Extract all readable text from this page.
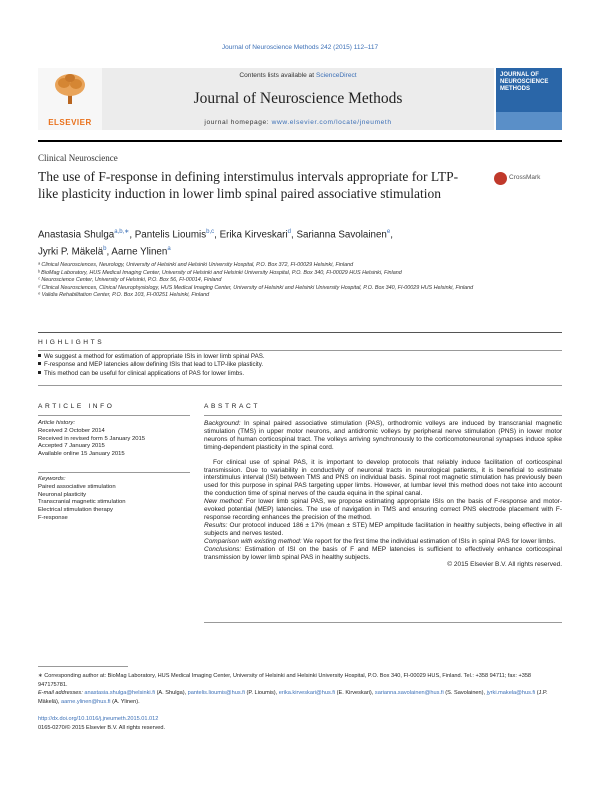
Journal of Neuroscience Methods 242 (2015) 112–117
ELSEVIER
Contents lists available at ScienceDirect
Journal of Neuroscience Methods
journal homepage: www.elsevier.com/locate/jneumeth
JOURNAL OF NEUROSCIENCE METHODS
Clinical Neuroscience
The use of F-response in defining interstimulus intervals appropriate for LTP-like plasticity induction in lower limb spinal paired associative stimulation
CrossMark
Anastasia Shulga$^{a,b,∗}$, Pantelis Lioumis$^{b,c}$, Erika Kirveskari$^d$, Sarianna Savolainen$^e$,
Jyrki P. Mäkelä$^b$, Aarne Ylinen$^a$
ᵃ Clinical Neurosciences, Neurology, University of Helsinki and Helsinki University Hospital, P.O. Box 372, FI-00029 Helsinki, Finland
ᵇ BioMag Laboratory, HUS Medical Imaging Center, University of Helsinki and Helsinki University Hospital, P.O. Box 340, FI-00029 HUS Helsinki, Finland
ᶜ Neuroscience Center, University of Helsinki, P.O. Box 56, FI-00014, Finland
ᵈ Clinical Neurosciences, Clinical Neurophysiology, HUS Medical Imaging Center, University of Helsinki and Helsinki University Hospital, P.O. Box 340, FI-00029 HUS Helsinki, Finland
ᵉ Validia Rehabilitation Center, P.O. Box 103, FI-00251 Helsinki, Finland
HIGHLIGHTS
We suggest a method for estimation of appropriate ISIs in lower limb spinal PAS.
F-response and MEP latencies allow defining ISIs that lead to LTP-like plasticity.
This method can be useful for clinical applications of PAS for lower limbs.
ARTICLE INFO
Article history:
Received 2 October 2014
Received in revised form 5 January 2015
Accepted 7 January 2015
Available online 15 January 2015
Keywords:
Paired associative stimulation
Neuronal plasticity
Transcranial magnetic stimulation
Electrical stimulation therapy
F-response
ABSTRACT

Background: In spinal paired associative stimulation (PAS), orthodromic volleys are induced by transcranial magnetic stimulation (TMS) in upper motor neurons, and antidromic volleys by peripheral nerve stimulation (PNS) in lower motor neurons of human corticospinal tract. The volleys arriving synchronously to the corticomotoneuronal synapses induce spike timing-dependent plasticity in the spinal cord.

For clinical use of spinal PAS, it is important to develop protocols that reliably induce facilitation of corticospinal transmission. Due to variability in conductivity of neuronal tracts in neurological patients, it is beneficial to estimate interstimulus interval (ISI) between TMS and PNS on individual basis. Spinal root magnetic stimulation has previously been used for this purpose in spinal PAS targeting upper limbs. However, at lumbar level this method does not take into account the conduction time of spinal nerves of the cauda equina in the spinal canal.

New method: For lower limb spinal PAS, we propose estimating appropriate ISIs on the basis of F-response and motor-evoked potential (MEP) latencies. The use of navigation in TMS and ensuring correct PNS electrode placement with F-response recording enhances the precision of the method.

Results: Our protocol induced 186 ± 17% (mean ± STE) MEP amplitude facilitation in healthy subjects, being effective in all subjects and nerves tested.

Comparison with existing method: We report for the first time the individual estimation of ISIs in spinal PAS for lower limbs.

Conclusions: Estimation of ISI on the basis of F and MEP latencies is sufficient to effectively enhance corticospinal transmission by lower limb spinal PAS in healthy subjects.

© 2015 Elsevier B.V. All rights reserved.

∗ Corresponding author at: BioMag Laboratory, HUS Medical Imaging Center, University of Helsinki and Helsinki University Hospital, P.O. Box 340, FI-00029 HUS, Finland. Tel.: +358 94711; fax: +358 947175781.
E-mail addresses: anastasia.shulga@helsinki.fi (A. Shulga), pantelis.lioumis@hus.fi (P. Lioumis), erika.kirveskari@hus.fi (E. Kirveskari), sarianna.savolainen@hus.fi (S. Savolainen), jyrki.makela@hus.fi (J.P. Mäkelä), aarne.ylinen@hus.fi (A. Ylinen).
http://dx.doi.org/10.1016/j.jneumeth.2015.01.012
0165-0270/© 2015 Elsevier B.V. All rights reserved.
